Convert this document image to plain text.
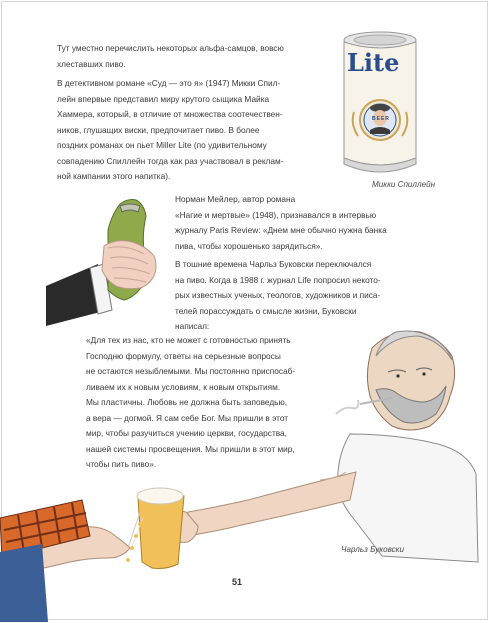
Тут уместно перечислить некоторых альфа-самцов, вовсю
хлеставших пиво.
В детективном романе «Суд — это я» (1947) Микки Спил-
лейн впервые представил миру крутого сыщика Майка
Хаммера, который, в отличие от множества соотечествен-
ников, глушащих виски, предпочитает пиво. В более
поздних романах он пьет Miller Lite (по удивительному
совпадению Спиллейн тогда как раз участвовал в реклам-
ной кампании этого напитка).
Lite
BEER

Микки Спиллейн

Норман Мейлер, автор романа
«Нагие и мертвые» (1948), признавался в интервью
журналу Paris Review: «Днем мне обычно нужна банка
пива, чтобы хорошенько зарядиться».
В тошние времена Чарльз Буковски переключался
на пиво. Когда в 1988 г. журнал Life попросил некото-
рых известных ученых, теологов, художников и писа-
телей порассуждать о смысле жизни, Буковски
написал:
«Для тех из нас, кто не может с готовностью принять
Господню формулу, ответы на серьезные вопросы
не остаются незыблемыми. Мы постоянно приспосаб-
ливаем их к новым условиям, к новым открытиям.
Мы пластичны. Любовь не должна быть заповедью,
а вера — догмой. Я сам себе Бог. Мы пришли в этот
мир, чтобы разучиться учению церкви, государства,
нашей системы просвещения. Мы пришли в этот мир,
чтобы пить пиво».

Чарльз Буковски

51
